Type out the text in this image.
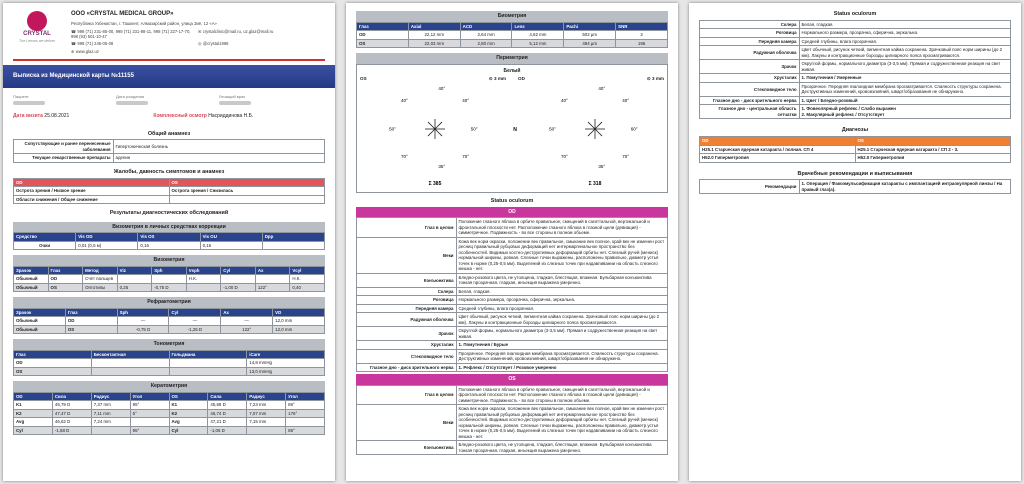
CRYSTAL
The Lenses we deliver
ООО «CRYSTAL MEDICAL GROUP»
Республика Узбекистан, г. Ташкент, Алмазарский район, улица Зиё, 12 «А»
☎ 998 (71) 231-85-00, 998 (71) 231-88-11, 998 (71) 227-17-70, 998 (93) 501-10-47
✉ crystalclinic@mail.ru, uz.glaz@mail.ru
☎ 998 (71) 246-05-08	◎ @crystal1998
⊕ www.glaz.uz
Выписка из Медицинской карты №11155
Пациент	Дата рождения	Лечащий врач

Дата визита 25.08.2021	Комплексный осмотр Насриддинова Н.Б.
Общий анамнез
Сопутствующие и ранее перенесенные заболевания	Гипертоническая болезнь
Текущие лекарственные препараты	адепин
Жалобы, давность симптомов и анамнез
OD	OS
Острота зрения / Низкое зрение	Острота зрения / Снизилась
Области снижения / Общее снижение	
Результаты диагностических обследований
Визометрия в личных средствах коррекции
Средство	Vis OD	Vis OS	Vis OU	Dpp
Очки	0,01 (0,5 м)	0,16	0,16	
Визометрия
Зрачок	Глаз	Метод	Viz	Sph	Vsph	Cyl	Ax	Vcyl
Обычный	OD	Счёт пальцев			Н.К.			Н.К.
Обычный	OS	Оптотипы	0,25	-0,75 D		-1,00 D	122°	0,40
Рефрактометрия
Зрачок	Глаз	Sph	Cyl	Ax	VD
Обычный	OD	—	—	—	12,0 mm
Обычный	OS	-0,75 D	-1,25 D	122°	12,0 mm
Тонометрия
Глаз	Бесконтактная	Гольдмана	iCare
OD			14,8 mmHg
OS			13,0 mmHg
Кератометрия
OD	Сила	Радиус	Угол	OS	Сила	Радиус	Угол
K1	45,79 D	7,37 mm	95°	K1	45,68 D	7,23 mm	86°
K2	47,47 D	7,11 mm	5°	K2	46,74 D	7,07 mm	176°
Avg	46,62 D	7,24 mm		Avg	47,21 D	7,15 mm	
Cyl	-1,68 D		95°	Cyl	-1,06 D		86°
Биометрия
Глаз	Axial	ACD	Lens	Pachi	SNR
OD	22,12 mm	2,64 mm	4,62 mm	502 µm	2
OS	22,03 mm	2,80 mm	5,12 mm	494 µm	196
Периметрия
Белый
OS	⊙ 3 mm	OD	⊙ 3 mm
40°
40°
50°	50°
70°	70°
35°
40°	40°
40°
50°	60°
70°	70°
35°
40°
N
Σ 385	Σ 318
Status oculorum
OD
Глаз в целом	Положение глазного яблока в орбите правильное, смещений в сагиттальной, вертикальной и фронтальной плоскости нет. Расположение глазного яблока в глазной щели (девиация) - симметричное. Подвижность - во все стороны в полном объеме.
Веки	Кожа век норм окраски, положение век правильное, смыкание век полное, край век не изменен рост ресниц правильный рубцовых деформаций нет интермаргинальное пространство без особенностей. Видимых костно-деструктивных деформаций орбиты нет. Слезный ручей (мениск) нормальной ширины, ровная. Слезные точки выражены, расположены правильно, диаметр устья точек в норме (0,25-0,5 мм). Выделений из слезных точек при надавливании на область слезного мешка - нет.
Конъюнктива	Бледно-розового цвета, не утолщена, гладкая, блестящая, влажная. Бульбарная конъюнктива тонкая прозрачная, гладкая, инъекция выражена умеренно.
Склера	Белая, гладкая.
Роговица	Нормального размера, прозрачна, сферична, зеркальна.
Передняя камера	Средней глубины, влага прозрачная.
Радужная оболочка	Цвет обычный, рисунок четкий, пигментная кайма сохранена. Зрачковый пояс норм ширины (до 2 мм). Лакуны и контракционные борозды цилиарного пояса просматриваются.
Зрачок	Округлой формы, нормального диаметра (3-3,5 мм). Прямая и содружественная реакция на свет живая.
Хрусталик	1. Помутнения / Бурые
Стекловидное тело	Прозрачное. Передняя гиалоидная мембрана просматривается. Спаяность структуры сохранена. Деструктивных изменений, кровоизлияний, шварт/образования не обнаружено.
Глазное дно - диск зрительного нерва	1. Рефлекс / Отсутствует / Розовое умеренно
OS
Глаз в целом	Положение глазного яблока в орбите правильное, смещений в сагиттальной, вертикальной и фронтальной плоскости нет. Расположение глазного яблока в глазной щели (девиация) - симметричное. Подвижность - во все стороны в полном объеме.
Веки	Кожа век норм окраски, положение век правильное, смыкание век полное, край век не изменен рост ресниц правильный рубцовых деформаций нет интермаргинальное пространство без особенностей. Видимых костно-деструктивных деформаций орбиты нет. Слезный ручей (мениск) нормальной ширины, ровная. Слезные точки выражены, расположены правильно, диаметр устья точек в норме (0,25-0,5 мм). Выделений из слезных точек при надавливании на область слезного мешка - нет.
Конъюнктива	Бледно-розового цвета, не утолщена, гладкая, блестящая, влажная. Бульбарная конъюнктива тонкая прозрачная, гладкая, инъекция выражена умеренно.
Status oculorum
Склера	Белая, гладкая.
Роговица	Нормального размера, прозрачна, сферична, зеркальна.
Передняя камера	Средней глубины, влага прозрачная.
Радужная оболочка	Цвет обычный, рисунок четкий, пигментная кайма сохранена. Зрачковый пояс норм ширины (до 2 мм). Лакуны и контракционные борозды цилиарного пояса просматриваются.
Зрачок	Округлой формы, нормального диаметра (3-3,5 мм). Прямая и содружественная реакция на свет живая.
Хрусталик	1. Помутнения / Умеренные
Стекловидное тело	Прозрачное. Передняя гиалоидная мембрана просматривается. Спаяность структуры сохранена. Деструктивных изменений, кровоизлияний, шварт/образования не обнаружено.
Глазное дно - диск зрительного нерва	1. Цвет / Бледно-розовый
Глазное дно - центральная область сетчатки	1. Фовеолярный рефлекс / Слабо выражен
2. Макулярный рефлекс / Отсутствует
Диагнозы
OD	OS
H25.1 Старческая ядерная катаракта / полная. СП 4	H25.1 Старческая ядерная катаракта / СП 2 - 3.
H52.0 Гиперметропия	H52.0 Гиперметропия
Врачебные рекомендации и выписывания
Рекомендации	1. Операция / Факоэмульсификация катаракты с имплантацией интраокулярной линзы / На правый глаз(а).
